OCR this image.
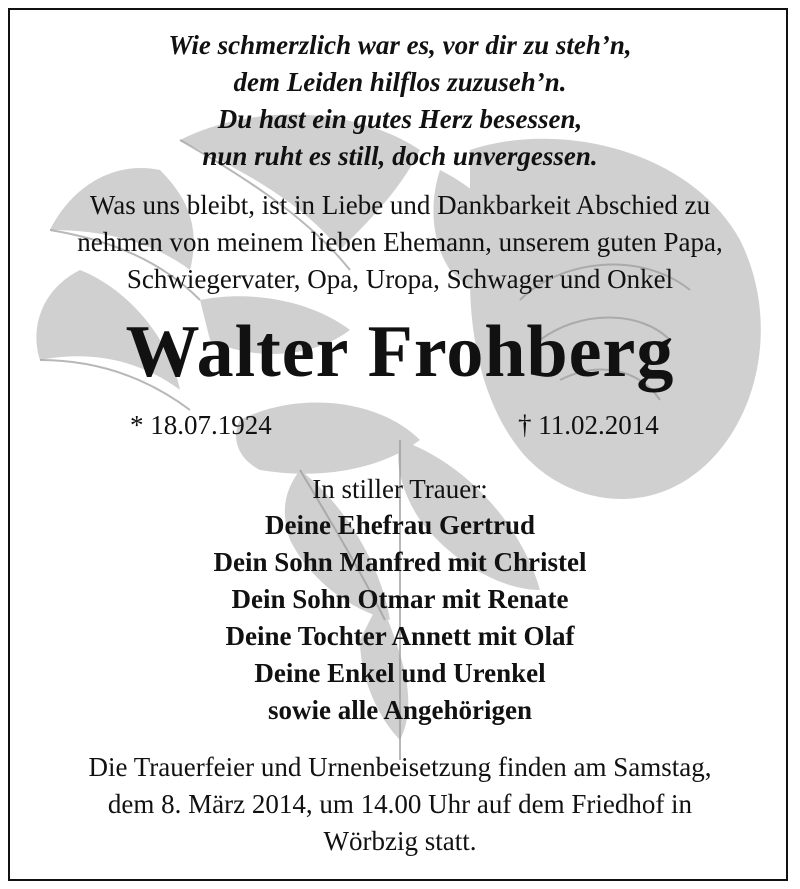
Wie schmerzlich war es, vor dir zu steh’n,
dem Leiden hilflos zuzuseh’n.
Du hast ein gutes Herz besessen,
nun ruht es still, doch unvergessen.
Was uns bleibt, ist in Liebe und Dankbarkeit Abschied zu
nehmen von meinem lieben Ehemann, unserem guten Papa,
Schwiegervater, Opa, Uropa, Schwager und Onkel
Walter Frohberg
* 18.07.1924	† 11.02.2014
In stiller Trauer:
Deine Ehefrau Gertrud
Dein Sohn Manfred mit Christel
Dein Sohn Otmar mit Renate
Deine Tochter Annett mit Olaf
Deine Enkel und Urenkel
sowie alle Angehörigen
Die Trauerfeier und Urnenbeisetzung finden am Samstag,
dem 8. März 2014, um 14.00 Uhr auf dem Friedhof in
Wörbzig statt.
